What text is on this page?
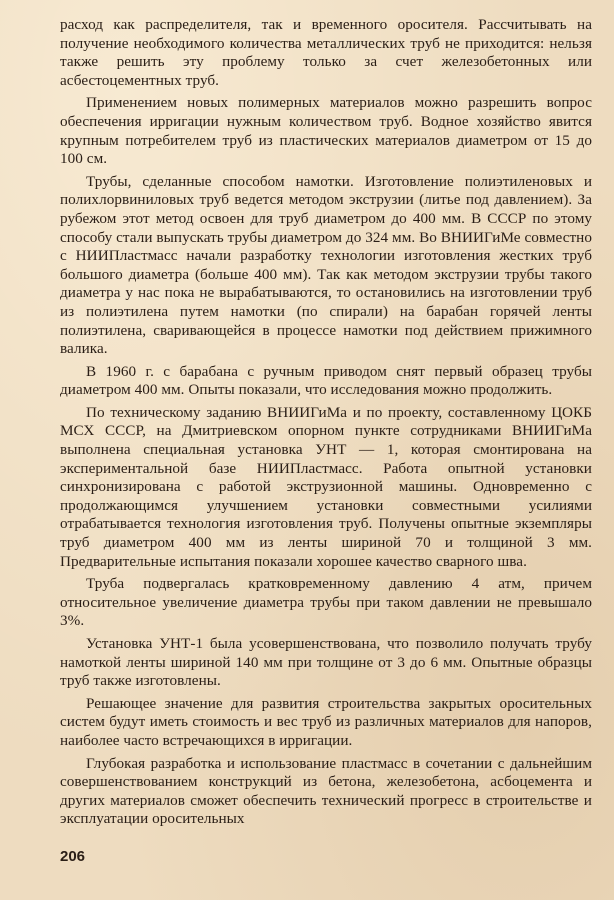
расход как распределителя, так и временного оросителя. Рассчитывать на получение необходимого количества металлических труб не приходится: нельзя также решить эту проблему только за счет железобетонных или асбестоцементных труб.

Применением новых полимерных материалов можно разрешить вопрос обеспечения ирригации нужным количеством труб. Водное хозяйство явится крупным потребителем труб из пластических материалов диаметром от 15 до 100 см.

Трубы, сделанные способом намотки. Изготовление полиэтиленовых и полихлорвиниловых труб ведется методом экструзии (литье под давлением). За рубежом этот метод освоен для труб диаметром до 400 мм. В СССР по этому способу стали выпускать трубы диаметром до 324 мм. Во ВНИИГиМе совместно с НИИПластмасс начали разработку технологии изготовления жестких труб большого диаметра (больше 400 мм). Так как методом экструзии трубы такого диаметра у нас пока не вырабатываются, то остановились на изготовлении труб из полиэтилена путем намотки (по спирали) на барабан горячей ленты полиэтилена, сваривающейся в процессе намотки под действием прижимного валика.

В 1960 г. с барабана с ручным приводом снят первый образец трубы диаметром 400 мм. Опыты показали, что исследования можно продолжить.

По техническому заданию ВНИИГиМа и по проекту, составленному ЦОКБ МСХ СССР, на Дмитриевском опорном пункте сотрудниками ВНИИГиМа выполнена специальная установка УНТ — 1, которая смонтирована на экспериментальной базе НИИПластмасс. Работа опытной установки синхронизирована с работой экструзионной машины. Одновременно с продолжающимся улучшением установки совместными усилиями отрабатывается технология изготовления труб. Получены опытные экземпляры труб диаметром 400 мм из ленты шириной 70 и толщиной 3 мм. Предварительные испытания показали хорошее качество сварного шва.

Труба подвергалась кратковременному давлению 4 атм, причем относительное увеличение диаметра трубы при таком давлении не превышало 3%.

Установка УНТ-1 была усовершенствована, что позволило получать трубу намоткой ленты шириной 140 мм при толщине от 3 до 6 мм. Опытные образцы труб также изготовлены.

Решающее значение для развития строительства закрытых оросительных систем будут иметь стоимость и вес труб из различных материалов для напоров, наиболее часто встречающихся в ирригации.

Глубокая разработка и использование пластмасс в сочетании с дальнейшим совершенствованием конструкций из бетона, железобетона, асбоцемента и других материалов сможет обеспечить технический прогресс в строительстве и эксплуатации оросительных

206
